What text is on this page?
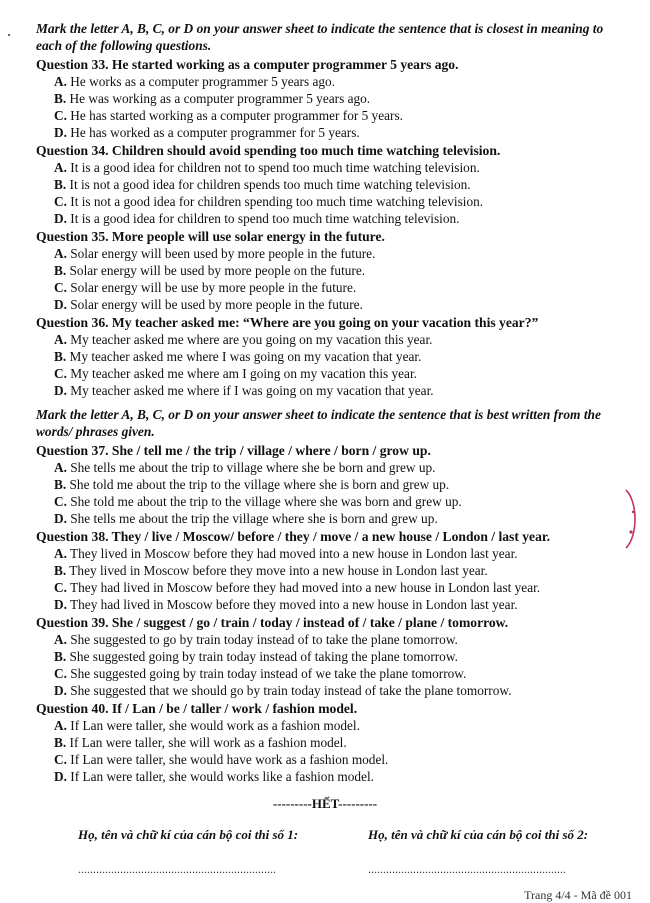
Mark the letter A, B, C, or D on your answer sheet to indicate the sentence that is closest in meaning to each of the following questions.
Question 33. He started working as a computer programmer 5 years ago.
A. He works as a computer programmer 5 years ago.
B. He was working as a computer programmer 5 years ago.
C. He has started working as a computer programmer for 5 years.
D. He has worked as a computer programmer for 5 years.
Question 34. Children should avoid spending too much time watching television.
A. It is a good idea for children not to spend too much time watching television.
B. It is not a good idea for children spends too much time watching television.
C. It is not a good idea for children spending too much time watching television.
D. It is a good idea for children to spend too much time watching television.
Question 35. More people will use solar energy in the future.
A. Solar energy will been used by more people in the future.
B. Solar energy will be used by more people on the future.
C. Solar energy will be use by more people in the future.
D. Solar energy will be used by more people in the future.
Question 36. My teacher asked me: “Where are you going on your vacation this year?”
A. My teacher asked me where are you going on my vacation this year.
B. My teacher asked me where I was going on my vacation that year.
C. My teacher asked me where am I going on my vacation this year.
D. My teacher asked me where if I was going on my vacation that year.
Mark the letter A, B, C, or D on your answer sheet to indicate the sentence that is best written from the words/ phrases given.
Question 37. She / tell me / the trip / village / where / born / grow up.
A. She tells me about the trip to village where she be born and grew up.
B. She told me about the trip to the village where she is born and grew up.
C. She told me about the trip to the village where she was born and grew up.
D. She tells me about the trip the village where she is born and grew up.
Question 38. They / live / Moscow/ before / they / move / a new house / London / last year.
A. They lived in Moscow before they had moved into a new house in London last year.
B. They lived in Moscow before they move into a new house in London last year.
C. They had lived in Moscow before they had moved into a new house in London last year.
D. They had lived in Moscow before they moved into a new house in London last year.
Question 39. She / suggest / go / train / today / instead of / take / plane / tomorrow.
A. She suggested to go by train today instead of to take the plane tomorrow.
B. She suggested going by train today instead of taking the plane tomorrow.
C. She suggested going by train today instead of we take the plane tomorrow.
D. She suggested that we should go by train today instead of take the plane tomorrow.
Question 40. If / Lan / be / taller / work / fashion model.
A. If Lan were taller, she would work as a fashion model.
B. If Lan were taller, she will work as a fashion model.
C. If Lan were taller, she would have work as a fashion model.
D. If Lan were taller, she would works like a fashion model.
---------HẾT---------
Họ, tên và chữ kí của cán bộ coi thi số 1:	Họ, tên và chữ kí của cán bộ coi thi số 2:
..................................................................	..................................................................
Trang 4/4 - Mã đề 001
